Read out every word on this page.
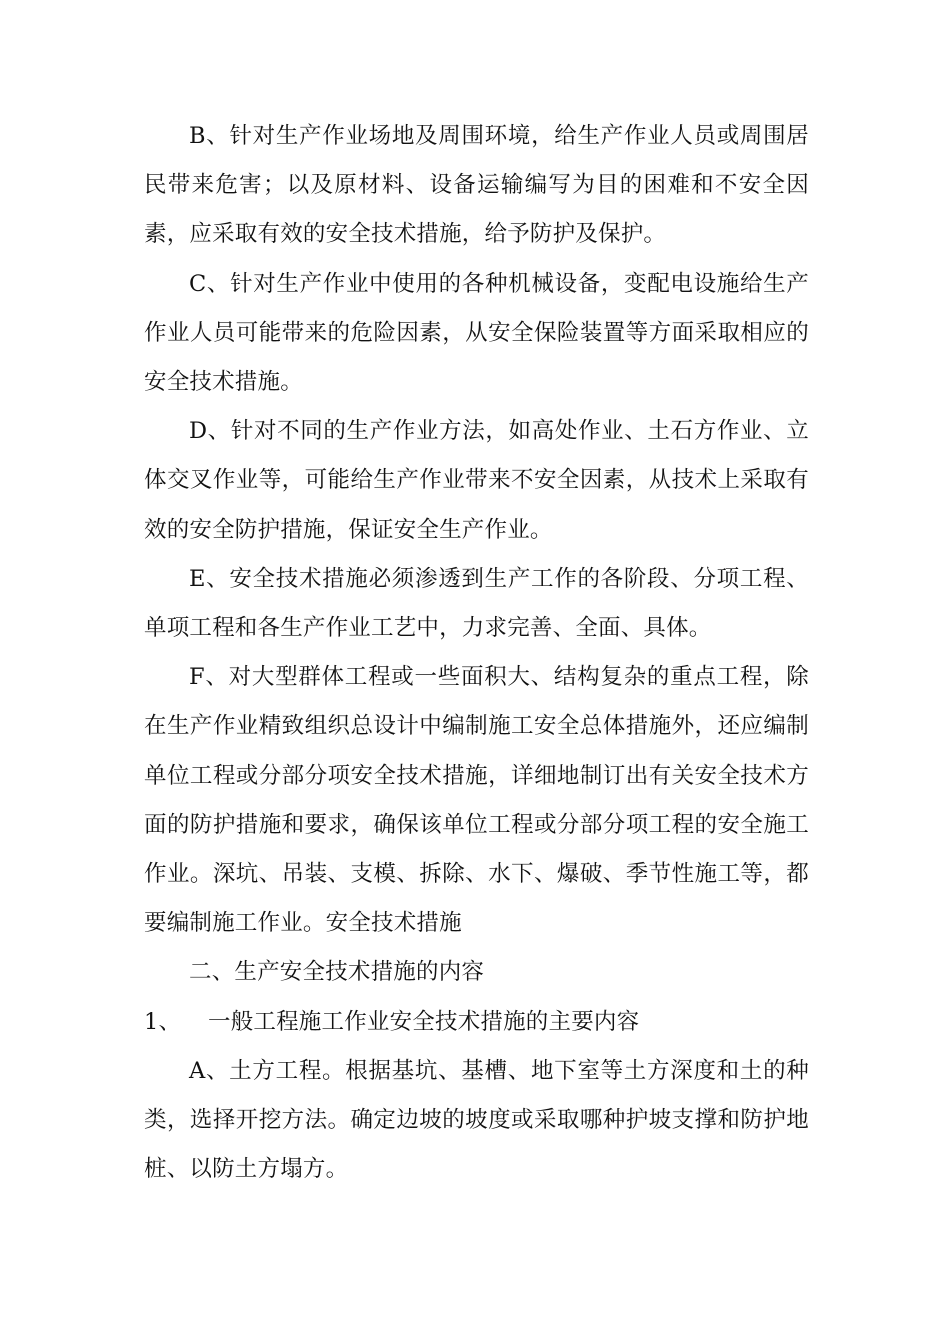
B、针对生产作业场地及周围环境，给生产作业人员或周围居民带来危害；以及原材料、设备运输编写为目的困难和不安全因素，应采取有效的安全技术措施，给予防护及保护。

C、针对生产作业中使用的各种机械设备，变配电设施给生产作业人员可能带来的危险因素，从安全保险装置等方面采取相应的安全技术措施。

D、针对不同的生产作业方法，如高处作业、土石方作业、立体交叉作业等，可能给生产作业带来不安全因素，从技术上采取有效的安全防护措施，保证安全生产作业。

E、安全技术措施必须渗透到生产工作的各阶段、分项工程、单项工程和各生产作业工艺中，力求完善、全面、具体。

F、对大型群体工程或一些面积大、结构复杂的重点工程，除在生产作业精致组织总设计中编制施工安全总体措施外，还应编制单位工程或分部分项安全技术措施，详细地制订出有关安全技术方面的防护措施和要求，确保该单位工程或分部分项工程的安全施工作业。深坑、吊装、支模、拆除、水下、爆破、季节性施工等，都要编制施工作业。安全技术措施

二、生产安全技术措施的内容

1、 一般工程施工作业安全技术措施的主要内容

A、土方工程。根据基坑、基槽、地下室等土方深度和土的种类，选择开挖方法。确定边坡的坡度或采取哪种护坡支撑和防护地桩、以防土方塌方。
